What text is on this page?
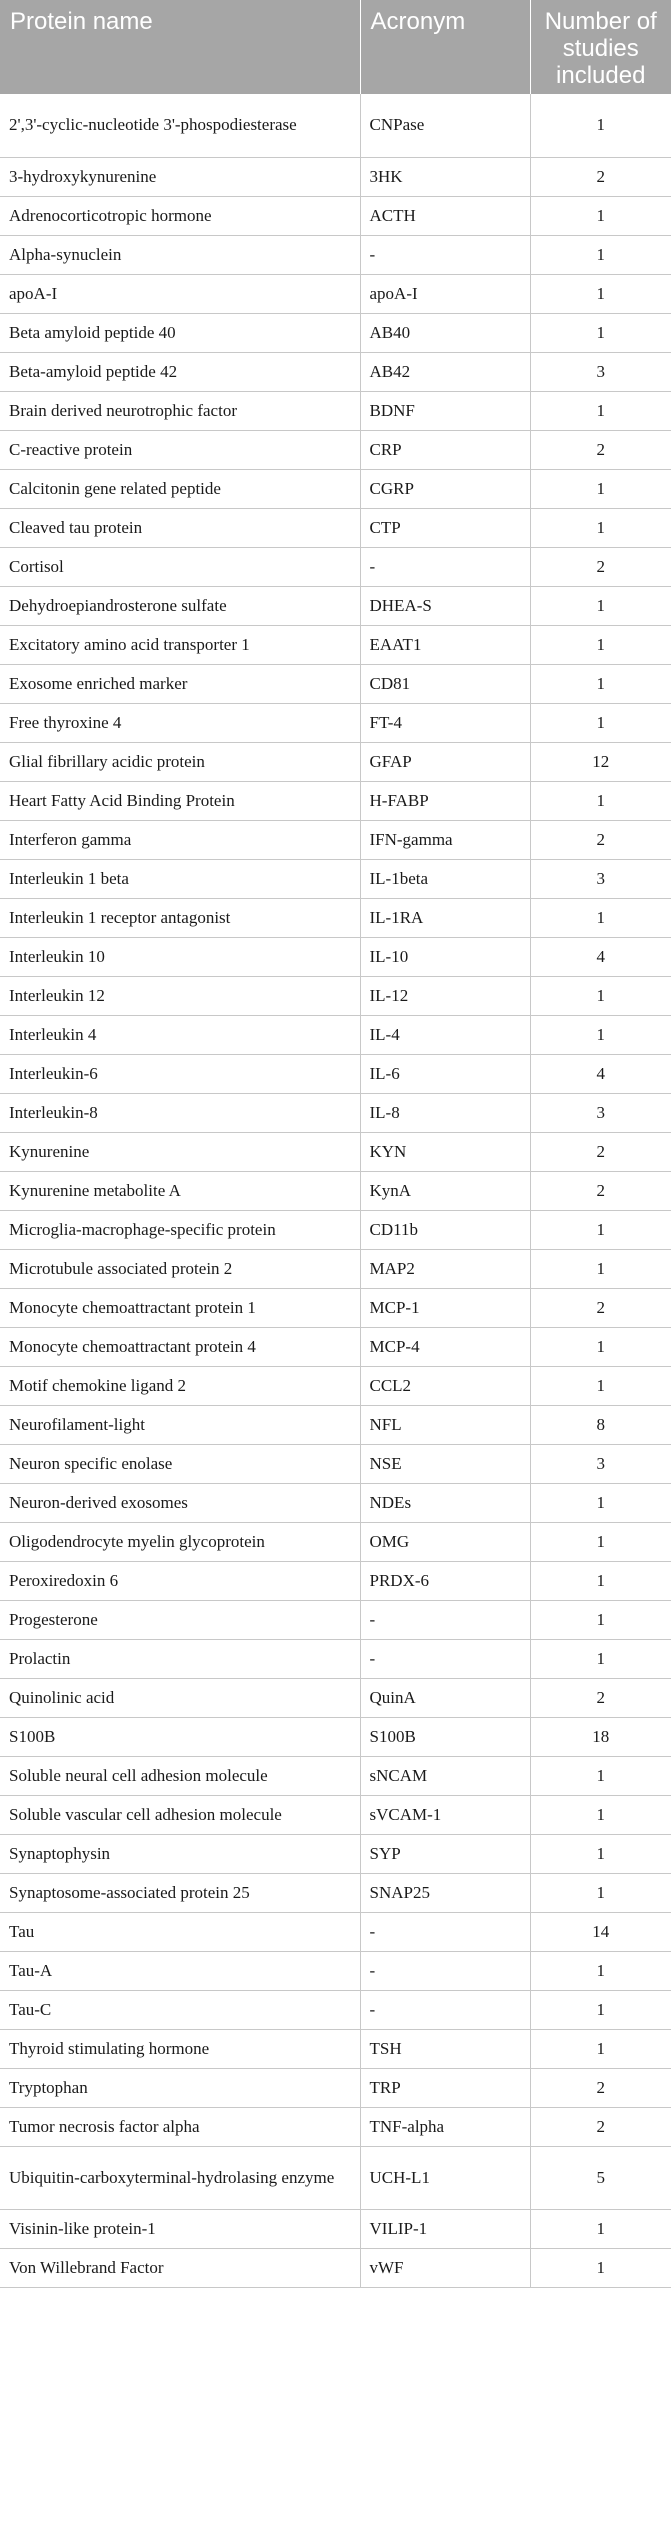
Protein name	Acronym	Number of studies included
2',3'-cyclic-nucleotide 3'-phospodiesterase	CNPase	1
3-hydroxykynurenine	3HK	2
Adrenocorticotropic hormone	ACTH	1
Alpha-synuclein	-	1
apoA-I	apoA-I	1
Beta amyloid peptide 40	AB40	1
Beta-amyloid peptide 42	AB42	3
Brain derived neurotrophic factor	BDNF	1
C-reactive protein	CRP	2
Calcitonin gene related peptide	CGRP	1
Cleaved tau protein	CTP	1
Cortisol	-	2
Dehydroepiandrosterone sulfate	DHEA-S	1
Excitatory amino acid transporter 1	EAAT1	1
Exosome enriched marker	CD81	1
Free thyroxine 4	FT-4	1
Glial fibrillary acidic protein	GFAP	12
Heart Fatty Acid Binding Protein	H-FABP	1
Interferon gamma	IFN-gamma	2
Interleukin 1 beta	IL-1beta	3
Interleukin 1 receptor antagonist	IL-1RA	1
Interleukin 10	IL-10	4
Interleukin 12	IL-12	1
Interleukin 4	IL-4	1
Interleukin-6	IL-6	4
Interleukin-8	IL-8	3
Kynurenine	KYN	2
Kynurenine metabolite A	KynA	2
Microglia-macrophage-specific protein	CD11b	1
Microtubule associated protein 2	MAP2	1
Monocyte chemoattractant protein 1	MCP-1	2
Monocyte chemoattractant protein 4	MCP-4	1
Motif chemokine ligand 2	CCL2	1
Neurofilament-light	NFL	8
Neuron specific enolase	NSE	3
Neuron-derived exosomes	NDEs	1
Oligodendrocyte myelin glycoprotein	OMG	1
Peroxiredoxin 6	PRDX-6	1
Progesterone	-	1
Prolactin	-	1
Quinolinic acid	QuinA	2
S100B	S100B	18
Soluble neural cell adhesion molecule	sNCAM	1
Soluble vascular cell adhesion molecule	sVCAM-1	1
Synaptophysin	SYP	1
Synaptosome-associated protein 25	SNAP25	1
Tau	-	14
Tau-A	-	1
Tau-C	-	1
Thyroid stimulating hormone	TSH	1
Tryptophan	TRP	2
Tumor necrosis factor alpha	TNF-alpha	2
Ubiquitin-carboxyterminal-hydrolasing enzyme	UCH-L1	5
Visinin-like protein-1	VILIP-1	1
Von Willebrand Factor	vWF	1
